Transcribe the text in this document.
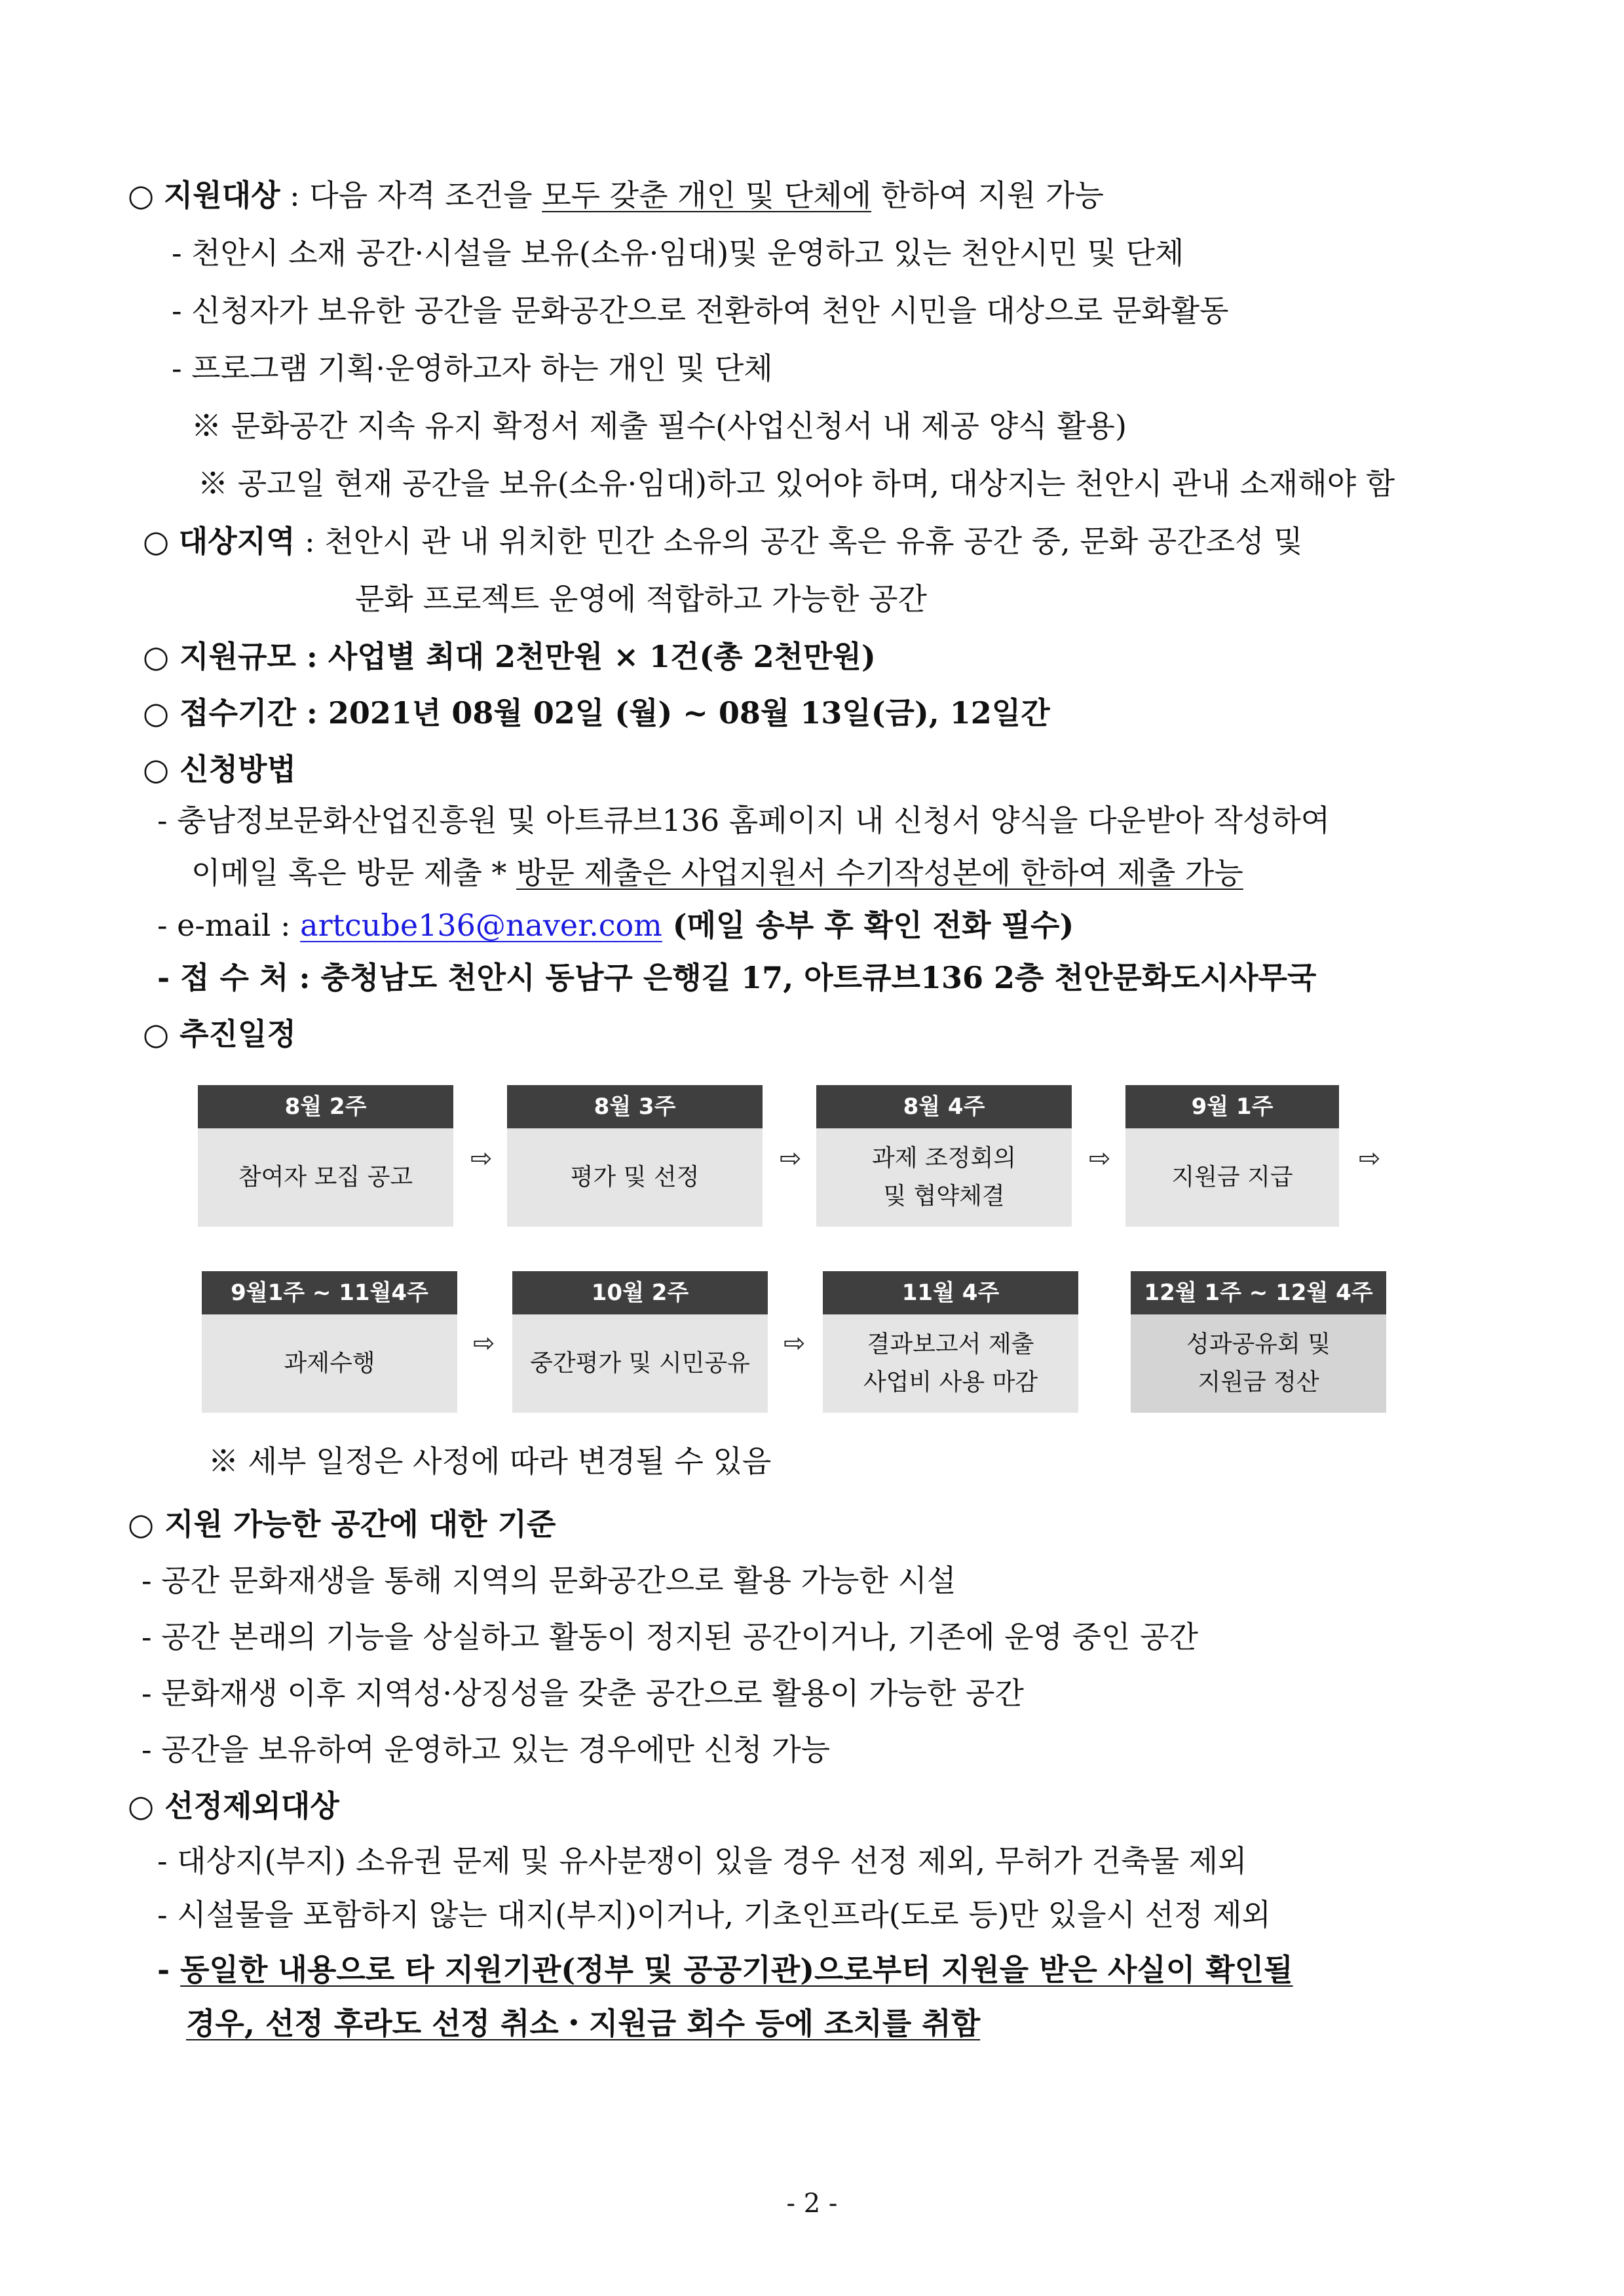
○ 지원대상 : 다음 자격 조건을 모두 갖춘 개인 및 단체에 한하여 지원 가능
- 천안시 소재 공간·시설을 보유(소유·임대)및 운영하고 있는 천안시민 및 단체
- 신청자가 보유한 공간을 문화공간으로 전환하여 천안 시민을 대상으로 문화활동
- 프로그램 기획·운영하고자 하는 개인 및 단체
※ 문화공간 지속 유지 확정서 제출 필수(사업신청서 내 제공 양식 활용)
※ 공고일 현재 공간을 보유(소유·임대)하고 있어야 하며, 대상지는 천안시 관내 소재해야 함
○ 대상지역 : 천안시 관 내 위치한 민간 소유의 공간 혹은 유휴 공간 중, 문화 공간조성 및
문화 프로젝트 운영에 적합하고 가능한 공간
○ 지원규모 : 사업별 최대 2천만원 × 1건(총 2천만원)
○ 접수기간 : 2021년 08월 02일 (월) ~ 08월 13일(금), 12일간
○ 신청방법
- 충남정보문화산업진흥원 및 아트큐브136 홈페이지 내 신청서 양식을 다운받아 작성하여
이메일 혹은 방문 제출 * 방문 제출은 사업지원서 수기작성본에 한하여 제출 가능
- e-mail : artcube136@naver.com (메일 송부 후 확인 전화 필수)
- 접 수 처 : 충청남도 천안시 동남구 은행길 17, 아트큐브136 2층 천안문화도시사무국
○ 추진일정
8월 2주
참여자 모집 공고
⇨
8월 3주
평가 및 선정
⇨
8월 4주
과제 조정회의
및 협약체결
⇨
9월 1주
지원금 지급
⇨
9월1주 ~ 11월4주
과제수행
⇨
10월 2주
중간평가 및 시민공유
⇨
11월 4주
결과보고서 제출
사업비 사용 마감
12월 1주 ~ 12월 4주
성과공유회 및
지원금 정산
※ 세부 일정은 사정에 따라 변경될 수 있음
○ 지원 가능한 공간에 대한 기준
- 공간 문화재생을 통해 지역의 문화공간으로 활용 가능한 시설
- 공간 본래의 기능을 상실하고 활동이 정지된 공간이거나, 기존에 운영 중인 공간
- 문화재생 이후 지역성·상징성을 갖춘 공간으로 활용이 가능한 공간
- 공간을 보유하여 운영하고 있는 경우에만 신청 가능
○ 선정제외대상
- 대상지(부지) 소유권 문제 및 유사분쟁이 있을 경우 선정 제외, 무허가 건축물 제외
- 시설물을 포함하지 않는 대지(부지)이거나, 기초인프라(도로 등)만 있을시 선정 제외
- 동일한 내용으로 타 지원기관(정부 및 공공기관)으로부터 지원을 받은 사실이 확인될
경우, 선정 후라도 선정 취소・지원금 회수 등에 조치를 취함
- 2 -
